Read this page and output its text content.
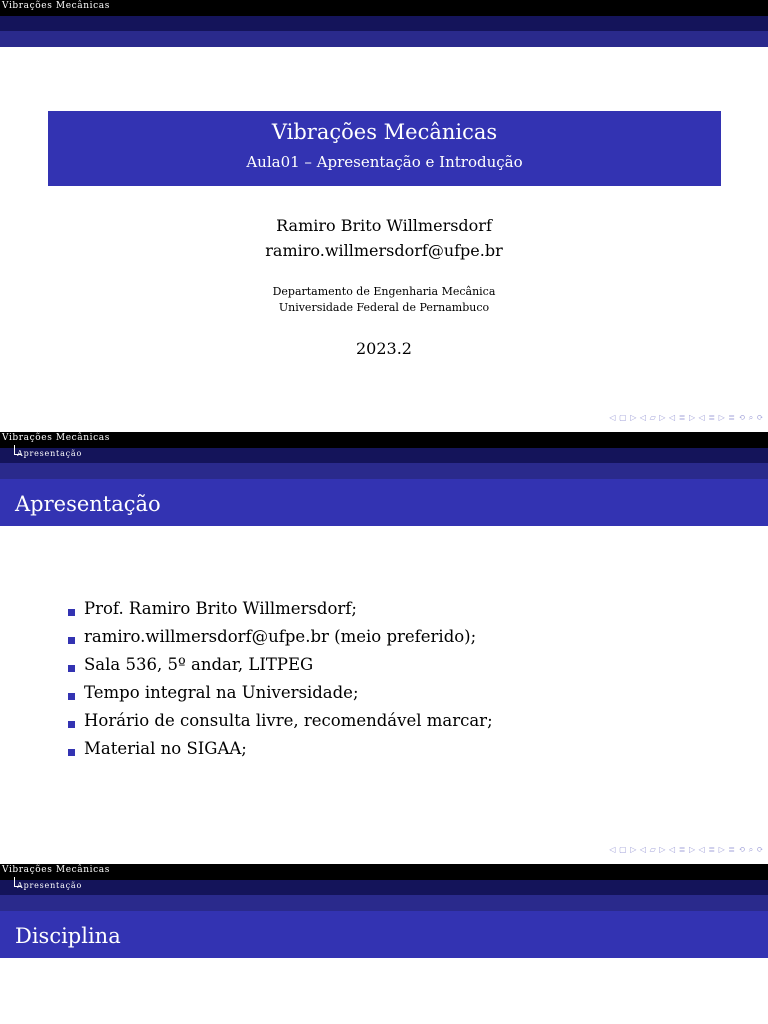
Vibrações Mecânicas
Vibrações Mecânicas
Aula01 – Apresentação e Introdução
Ramiro Brito Willmersdorf
ramiro.willmersdorf@ufpe.br
Departamento de Engenharia Mecânica
Universidade Federal de Pernambuco
2023.2
◁ ▢ ▷ ◁ ▱ ▷ ◁ ≣ ▷ ◁ ≣ ▷ ≣ ⟲ ⌕ ⟳
Vibrações Mecânicas
Apresentação
Apresentação
Prof. Ramiro Brito Willmersdorf;
ramiro.willmersdorf@ufpe.br (meio preferido);
Sala 536, 5º andar, LITPEG
Tempo integral na Universidade;
Horário de consulta livre, recomendável marcar;
Material no SIGAA;
◁ ▢ ▷ ◁ ▱ ▷ ◁ ≣ ▷ ◁ ≣ ▷ ≣ ⟲ ⌕ ⟳
Vibrações Mecânicas
Apresentação
Disciplina
